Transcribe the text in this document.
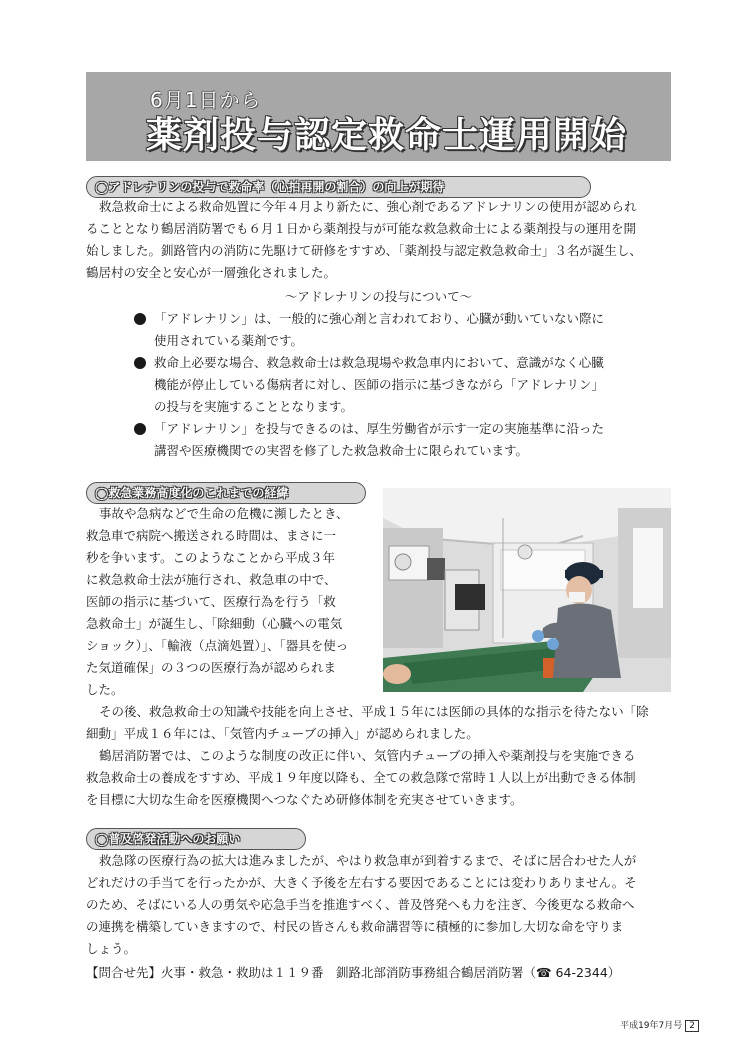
6月1日から
薬剤投与認定救命士運用開始
◯アドレナリンの投与で救命率（心拍再開の割合）の向上が期待

救急救命士による救命処置に今年４月より新たに、強心剤であるアドレナリンの使用が認められ

ることとなり鶴居消防署でも６月１日から薬剤投与が可能な救急救命士による薬剤投与の運用を開

始しました。釧路管内の消防に先駆けて研修をすすめ、「薬剤投与認定救急救命士」３名が誕生し、

鶴居村の安全と安心が一層強化されました。

〜アドレナリンの投与について〜
「アドレナリン」は、一般的に強心剤と言われており、心臓が動いていない際に
使用されている薬剤です。
救命上必要な場合、救急救命士は救急現場や救急車内において、意識がなく心臓
機能が停止している傷病者に対し、医師の指示に基づきながら「アドレナリン」
の投与を実施することとなります。
「アドレナリン」を投与できるのは、厚生労働省が示す一定の実施基準に沿った
講習や医療機関での実習を修了した救急救命士に限られています。
◯救急業務高度化のこれまでの経緯

事故や急病などで生命の危機に瀕したとき、

救急車で病院へ搬送される時間は、まさに一

秒を争います。このようなことから平成３年

に救急救命士法が施行され、救急車の中で、

医師の指示に基づいて、医療行為を行う「救

急救命士」が誕生し、「除細動（心臓への電気

ショック）」、「輸液（点滴処置）」、「器具を使っ

た気道確保」の３つの医療行為が認められま

した。

その後、救急救命士の知識や技能を向上させ、平成１５年には医師の具体的な指示を待たない「除

細動」平成１６年には、「気管内チューブの挿入」が認められました。

鶴居消防署では、このような制度の改正に伴い、気管内チューブの挿入や薬剤投与を実施できる

救急救命士の養成をすすめ、平成１９年度以降も、全ての救急隊で常時１人以上が出動できる体制

を目標に大切な生命を医療機関へつなぐため研修体制を充実させていきます。

◯普及啓発活動へのお願い

救急隊の医療行為の拡大は進みましたが、やはり救急車が到着するまで、そばに居合わせた人が

どれだけの手当てを行ったかが、大きく予後を左右する要因であることには変わりありません。そ

のため、そばにいる人の勇気や応急手当を推進すべく、普及啓発へも力を注ぎ、今後更なる救命へ

の連携を構築していきますので、村民の皆さんも救命講習等に積極的に参加し大切な命を守りま

しょう。

【問合せ先】火事・救急・救助は１１９番　釧路北部消防事務組合鶴居消防署（☎ 64-2344）
平成19年7月号 2
